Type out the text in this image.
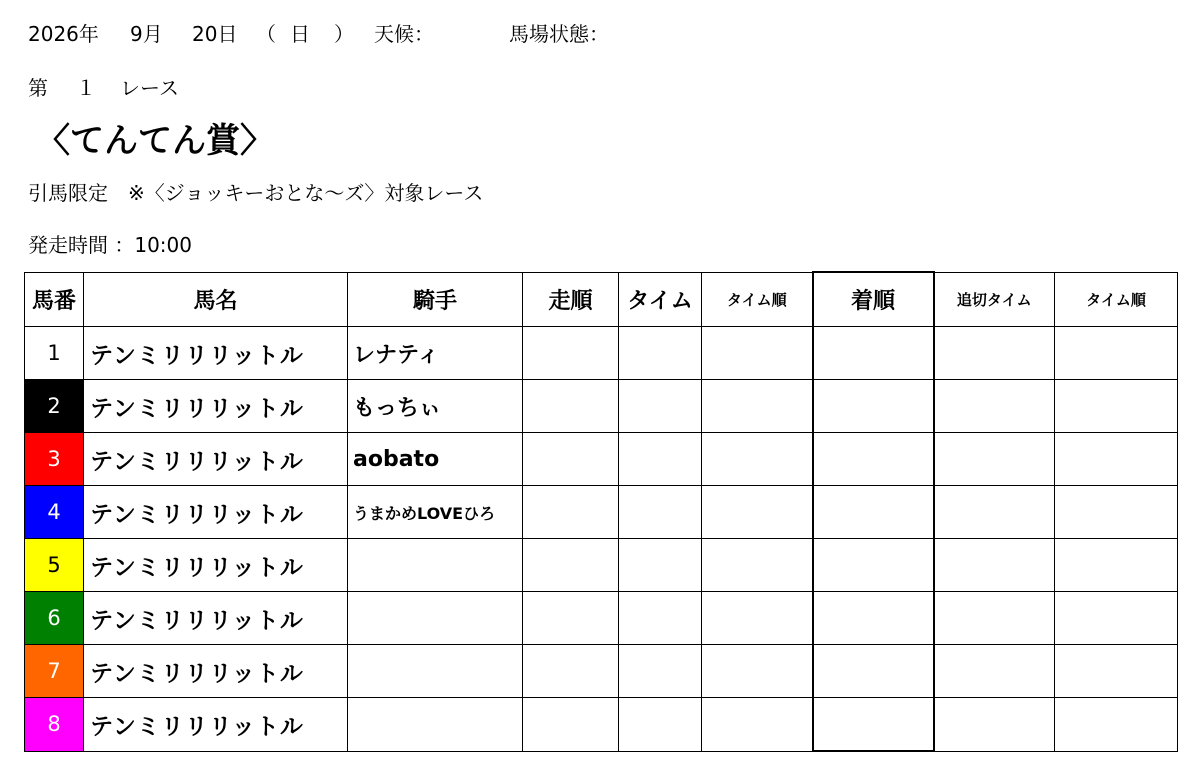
2026年

9月

20日

（

日

）

天候：

	馬場状態：

第

１

レース

〈てんてん賞〉
引馬限定　※〈ジョッキーおとな〜ズ〉対象レース
発走時間 ：10:00
馬番	馬名	騎手	走順	タイム	タイム順	着順	追切タイム	タイム順
1	テンミリリリットル	レナティ						
2	テンミリリリットル	もっちぃ						
3	テンミリリリットル	aobato						
4	テンミリリリットル	うまかめLOVEひろ						
5	テンミリリリットル							
6	テンミリリリットル							
7	テンミリリリットル							
8	テンミリリリットル							
